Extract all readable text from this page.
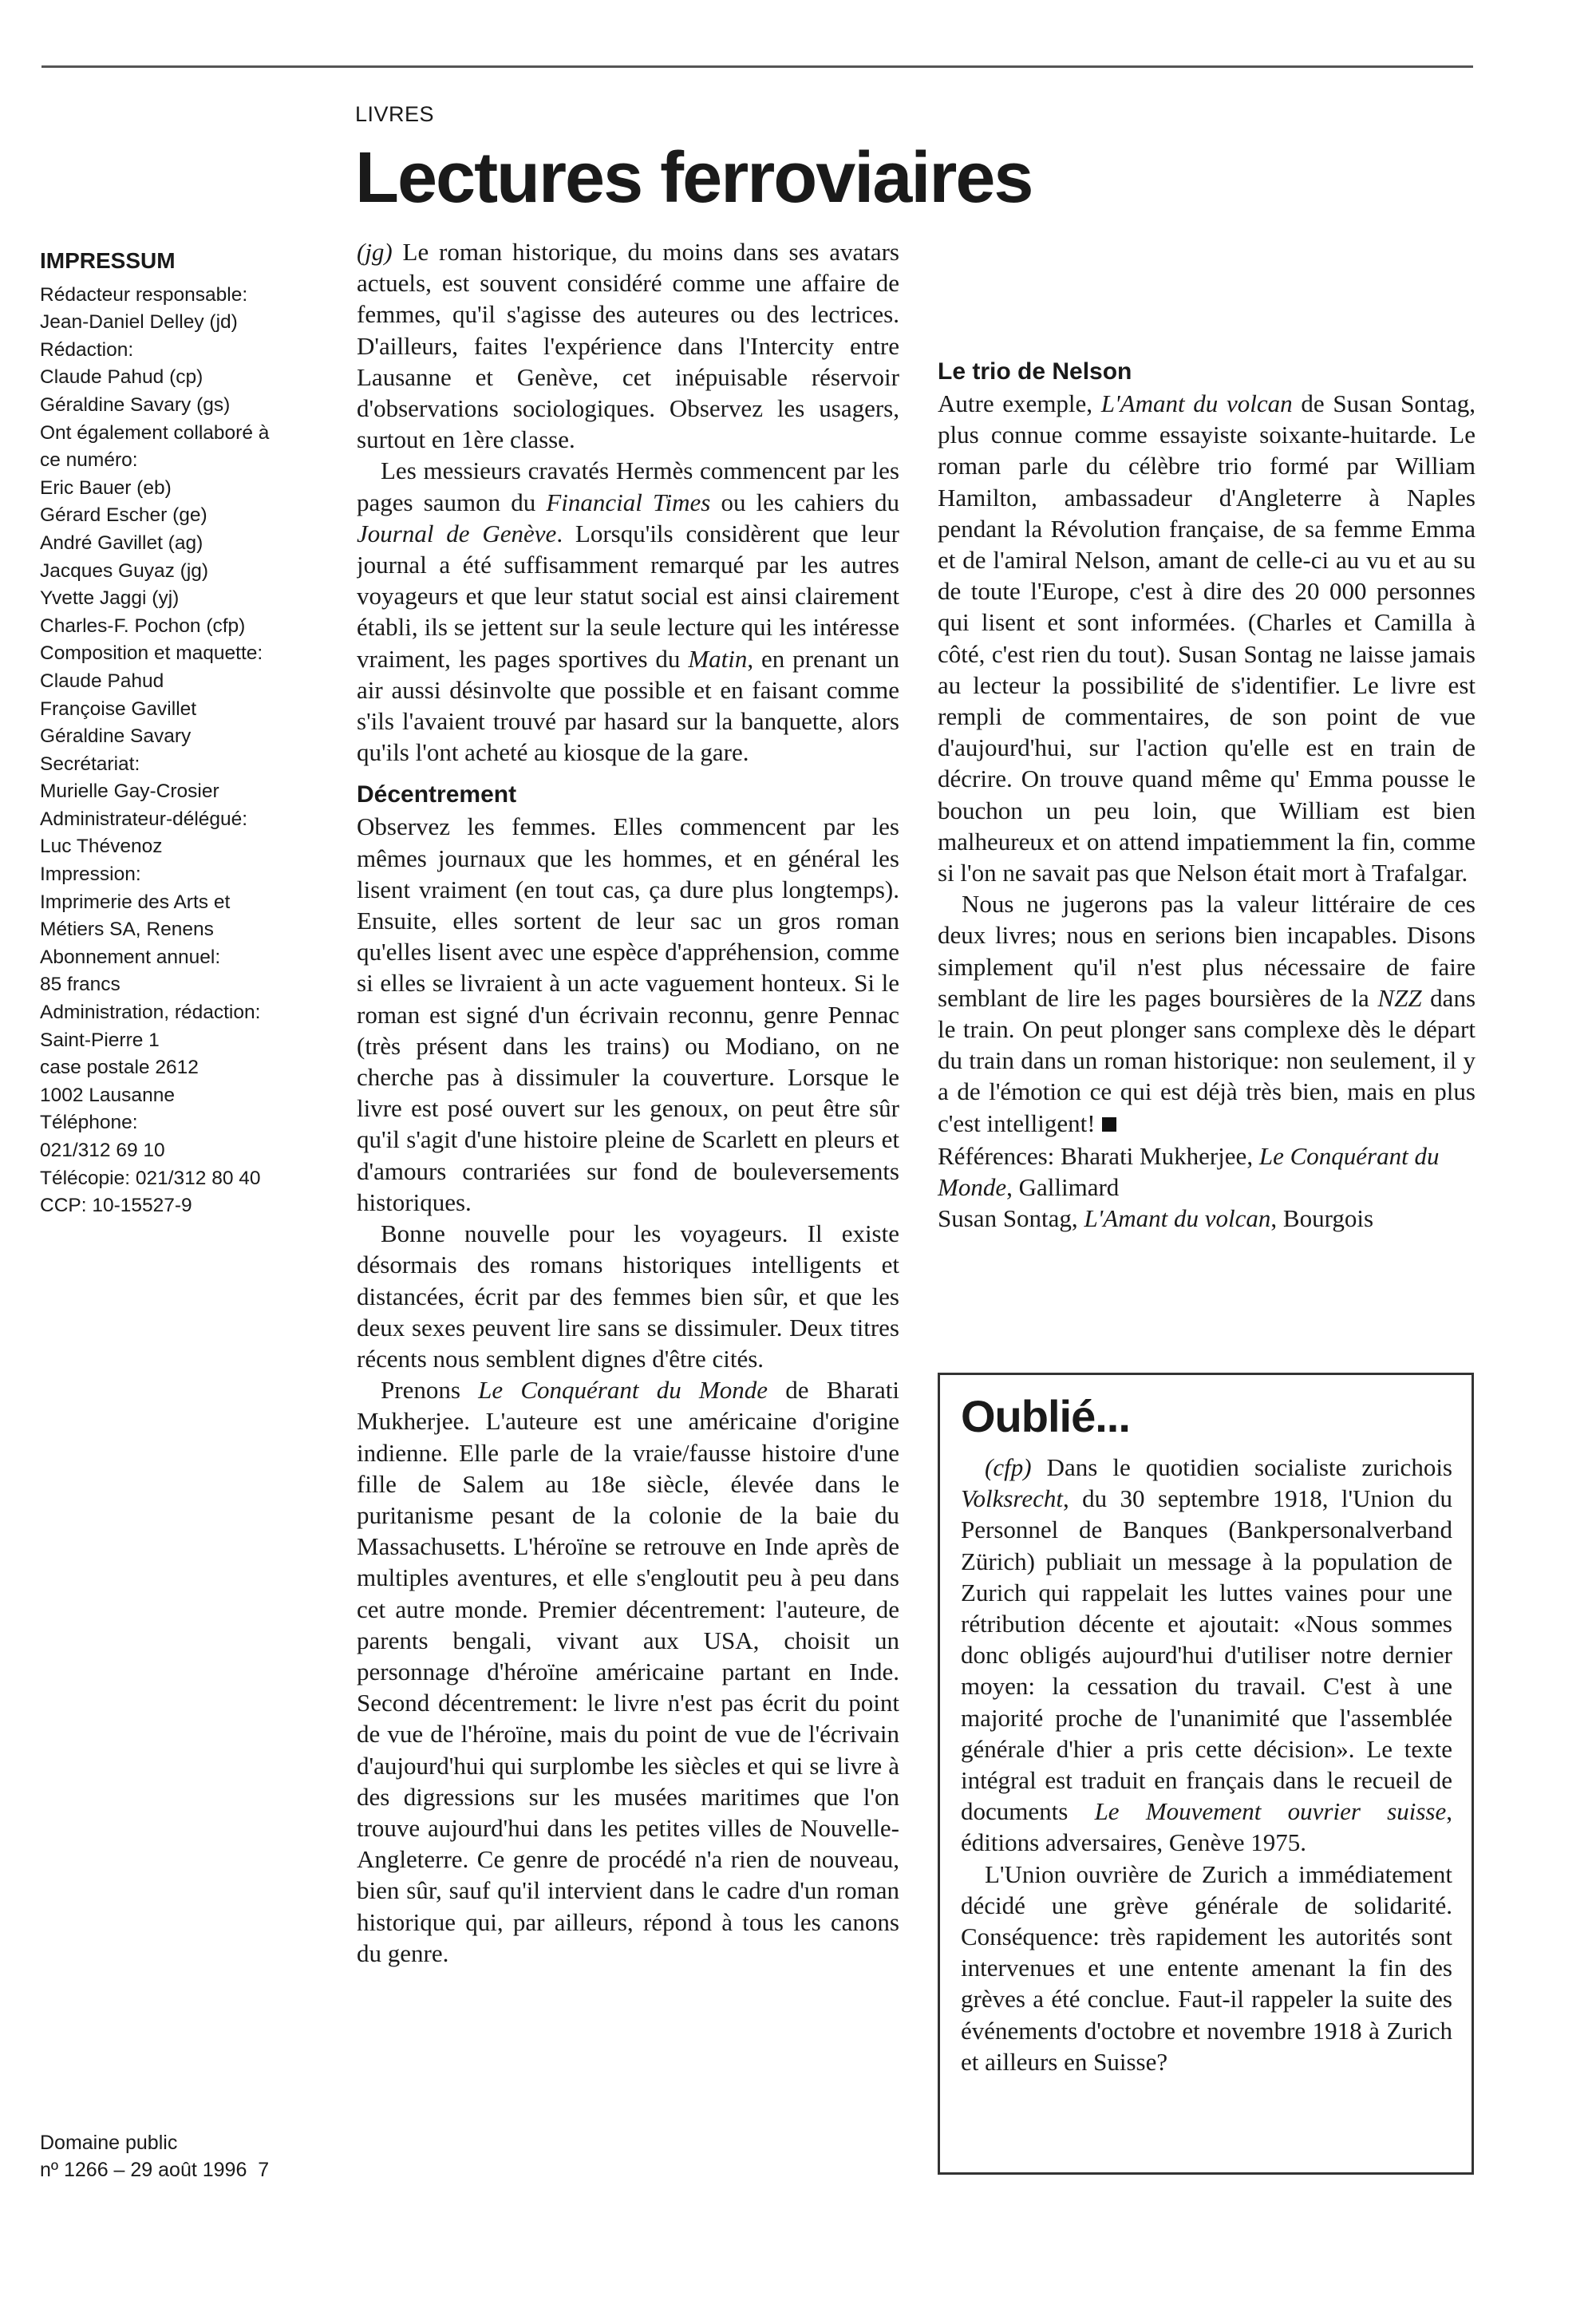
LIVRES
Lectures ferroviaires
IMPRESSUM
Rédacteur responsable:
Jean-Daniel Delley (jd)
Rédaction:
Claude Pahud (cp)
Géraldine Savary (gs)
Ont également collaboré à
ce numéro:
Eric Bauer (eb)
Gérard Escher (ge)
André Gavillet (ag)
Jacques Guyaz (jg)
Yvette Jaggi (yj)
Charles-F. Pochon (cfp)
Composition et maquette:
Claude Pahud
Françoise Gavillet
Géraldine Savary
Secrétariat:
Murielle Gay-Crosier
Administrateur-délégué:
Luc Thévenoz
Impression:
Imprimerie des Arts et
Métiers SA, Renens
Abonnement annuel:
85 francs
Administration, rédaction:
Saint-Pierre 1
case postale 2612
1002 Lausanne
Téléphone:
021/312 69 10
Télécopie: 021/312 80 40
CCP: 10-15527-9
Domaine public
nº 1266 – 29 août 1996 7

(jg) Le roman historique, du moins dans ses avatars actuels, est souvent considéré comme une affaire de femmes, qu'il s'agisse des auteures ou des lectrices. D'ailleurs, faites l'expérience dans l'Intercity entre Lausanne et Genève, cet inépuisable réservoir d'observations sociologiques. Observez les usagers, surtout en 1ère classe.

Les messieurs cravatés Hermès commencent par les pages saumon du Financial Times ou les cahiers du Journal de Genève. Lorsqu'ils considèrent que leur journal a été suffisamment remarqué par les autres voyageurs et que leur statut social est ainsi clairement établi, ils se jettent sur la seule lecture qui les intéresse vraiment, les pages sportives du Matin, en prenant un air aussi désinvolte que possible et en faisant comme s'ils l'avaient trouvé par hasard sur la banquette, alors qu'ils l'ont acheté au kiosque de la gare.

Décentrement

Observez les femmes. Elles commencent par les mêmes journaux que les hommes, et en général les lisent vraiment (en tout cas, ça dure plus longtemps). Ensuite, elles sortent de leur sac un gros roman qu'elles lisent avec une espèce d'appréhension, comme si elles se livraient à un acte vaguement honteux. Si le roman est signé d'un écrivain reconnu, genre Pennac (très présent dans les trains) ou Modiano, on ne cherche pas à dissimuler la couverture. Lorsque le livre est posé ouvert sur les genoux, on peut être sûr qu'il s'agit d'une histoire pleine de Scarlett en pleurs et d'amours contrariées sur fond de bouleversements historiques.

Bonne nouvelle pour les voyageurs. Il existe désormais des romans historiques intelligents et distancées, écrit par des femmes bien sûr, et que les deux sexes peuvent lire sans se dissimuler. Deux titres récents nous semblent dignes d'être cités.

Prenons Le Conquérant du Monde de Bharati Mukherjee. L'auteure est une américaine d'origine indienne. Elle parle de la vraie/fausse histoire d'une fille de Salem au 18e siècle, élevée dans le puritanisme pesant de la colonie de la baie du Massachusetts. L'héroïne se retrouve en Inde après de multiples aventures, et elle s'engloutit peu à peu dans cet autre monde. Premier décentrement: l'auteure, de parents bengali, vivant aux USA, choisit un personnage d'héroïne américaine partant en Inde. Second décentrement: le livre n'est pas écrit du point de vue de l'héroïne, mais du point de vue de l'écrivain d'aujourd'hui qui surplombe les siècles et qui se livre à des digressions sur les musées maritimes que l'on trouve aujourd'hui dans les petites villes de Nouvelle-Angleterre. Ce genre de procédé n'a rien de nouveau, bien sûr, sauf qu'il intervient dans le cadre d'un roman historique qui, par ailleurs, répond à tous les canons du genre.

Le trio de Nelson

Autre exemple, L'Amant du volcan de Susan Sontag, plus connue comme essayiste soixante-huitarde. Le roman parle du célèbre trio formé par William Hamilton, ambassadeur d'Angleterre à Naples pendant la Révolution française, de sa femme Emma et de l'amiral Nelson, amant de celle-ci au vu et au su de toute l'Europe, c'est à dire des 20 000 personnes qui lisent et sont informées. (Charles et Camilla à côté, c'est rien du tout). Susan Sontag ne laisse jamais au lecteur la possibilité de s'identifier. Le livre est rempli de commentaires, de son point de vue d'aujourd'hui, sur l'action qu'elle est en train de décrire. On trouve quand même qu' Emma pousse le bouchon un peu loin, que William est bien malheureux et on attend impatiemment la fin, comme si l'on ne savait pas que Nelson était mort à Trafalgar.

Nous ne jugerons pas la valeur littéraire de ces deux livres; nous en serions bien incapables. Disons simplement qu'il n'est plus nécessaire de faire semblant de lire les pages boursières de la NZZ dans le train. On peut plonger sans complexe dès le départ du train dans un roman historique: non seulement, il y a de l'émotion ce qui est déjà très bien, mais en plus c'est intelligent!

Références: Bharati Mukherjee, Le Conquérant du Monde, Gallimard

Susan Sontag, L'Amant du volcan, Bourgois

Oublié...

(cfp) Dans le quotidien socialiste zurichois Volksrecht, du 30 septembre 1918, l'Union du Personnel de Banques (Bankpersonalverband Zürich) publiait un message à la population de Zurich qui rappelait les luttes vaines pour une rétribution décente et ajoutait: «Nous sommes donc obligés aujourd'hui d'utiliser notre dernier moyen: la cessation du travail. C'est à une majorité proche de l'unanimité que l'assemblée générale d'hier a pris cette décision». Le texte intégral est traduit en français dans le recueil de documents Le Mouvement ouvrier suisse, éditions adversaires, Genève 1975.

L'Union ouvrière de Zurich a immédiatement décidé une grève générale de solidarité. Conséquence: très rapidement les autorités sont intervenues et une entente amenant la fin des grèves a été conclue. Faut-il rappeler la suite des événements d'octobre et novembre 1918 à Zurich et ailleurs en Suisse?
